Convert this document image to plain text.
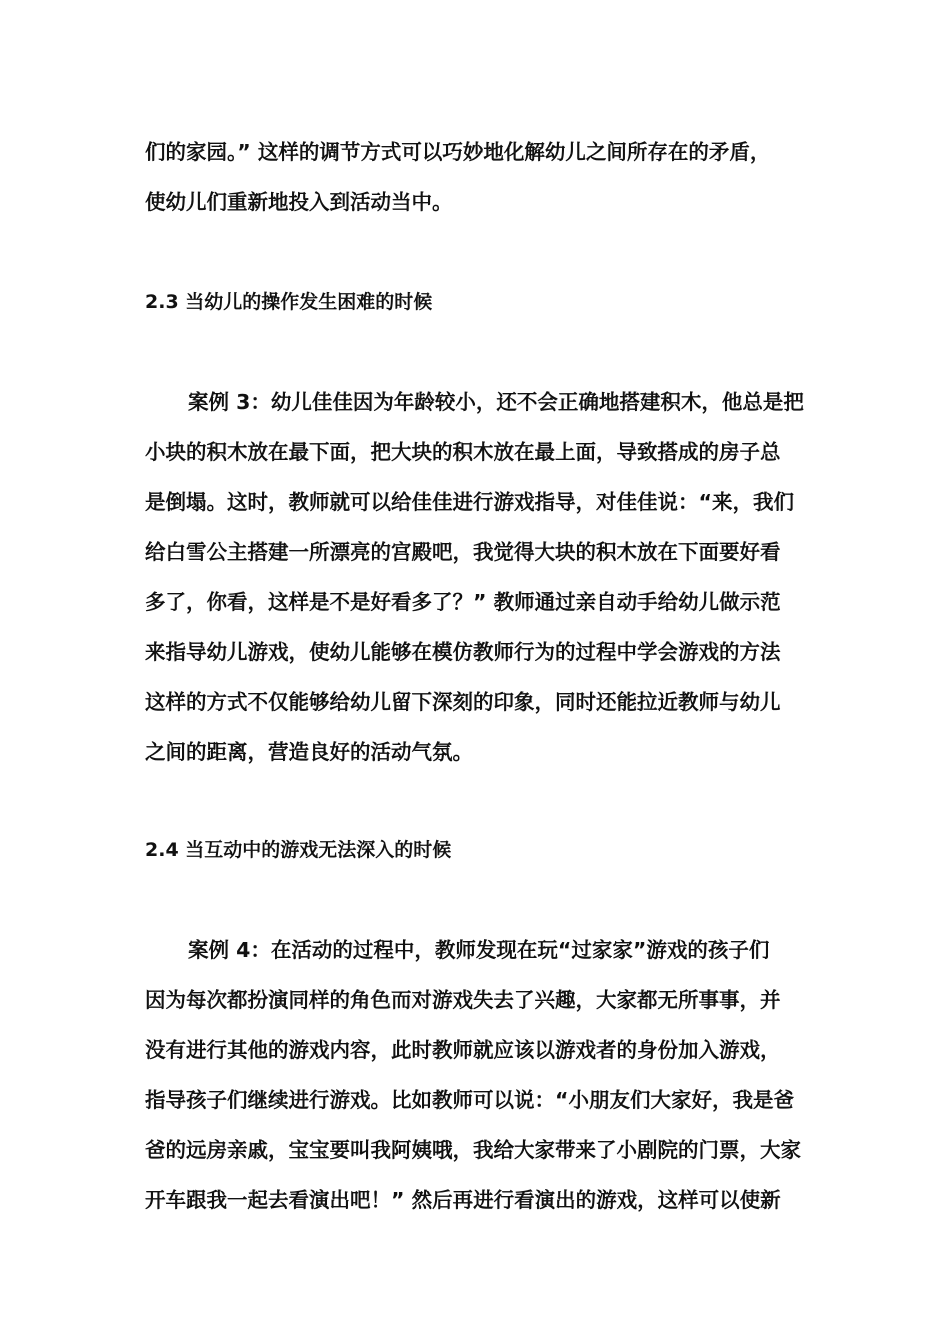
们的家园。” 这样的调节方式可以巧妙地化解幼儿之间所存在的矛盾，
使幼儿们重新地投入到活动当中。
2.3 当幼儿的操作发生困难的时候
案例 3：幼儿佳佳因为年龄较小，还不会正确地搭建积木，他总是把
小块的积木放在最下面，把大块的积木放在最上面，导致搭成的房子总
是倒塌。这时，教师就可以给佳佳进行游戏指导，对佳佳说：“来，我们
给白雪公主搭建一所漂亮的宫殿吧，我觉得大块的积木放在下面要好看
多了，你看，这样是不是好看多了？” 教师通过亲自动手给幼儿做示范
来指导幼儿游戏，使幼儿能够在模仿教师行为的过程中学会游戏的方法
这样的方式不仅能够给幼儿留下深刻的印象，同时还能拉近教师与幼儿
之间的距离，营造良好的活动气氛。
2.4 当互动中的游戏无法深入的时候
案例 4：在活动的过程中，教师发现在玩“过家家”游戏的孩子们
因为每次都扮演同样的角色而对游戏失去了兴趣，大家都无所事事，并
没有进行其他的游戏内容，此时教师就应该以游戏者的身份加入游戏，
指导孩子们继续进行游戏。比如教师可以说：“小朋友们大家好，我是爸
爸的远房亲戚，宝宝要叫我阿姨哦，我给大家带来了小剧院的门票，大家
开车跟我一起去看演出吧！” 然后再进行看演出的游戏，这样可以使新
